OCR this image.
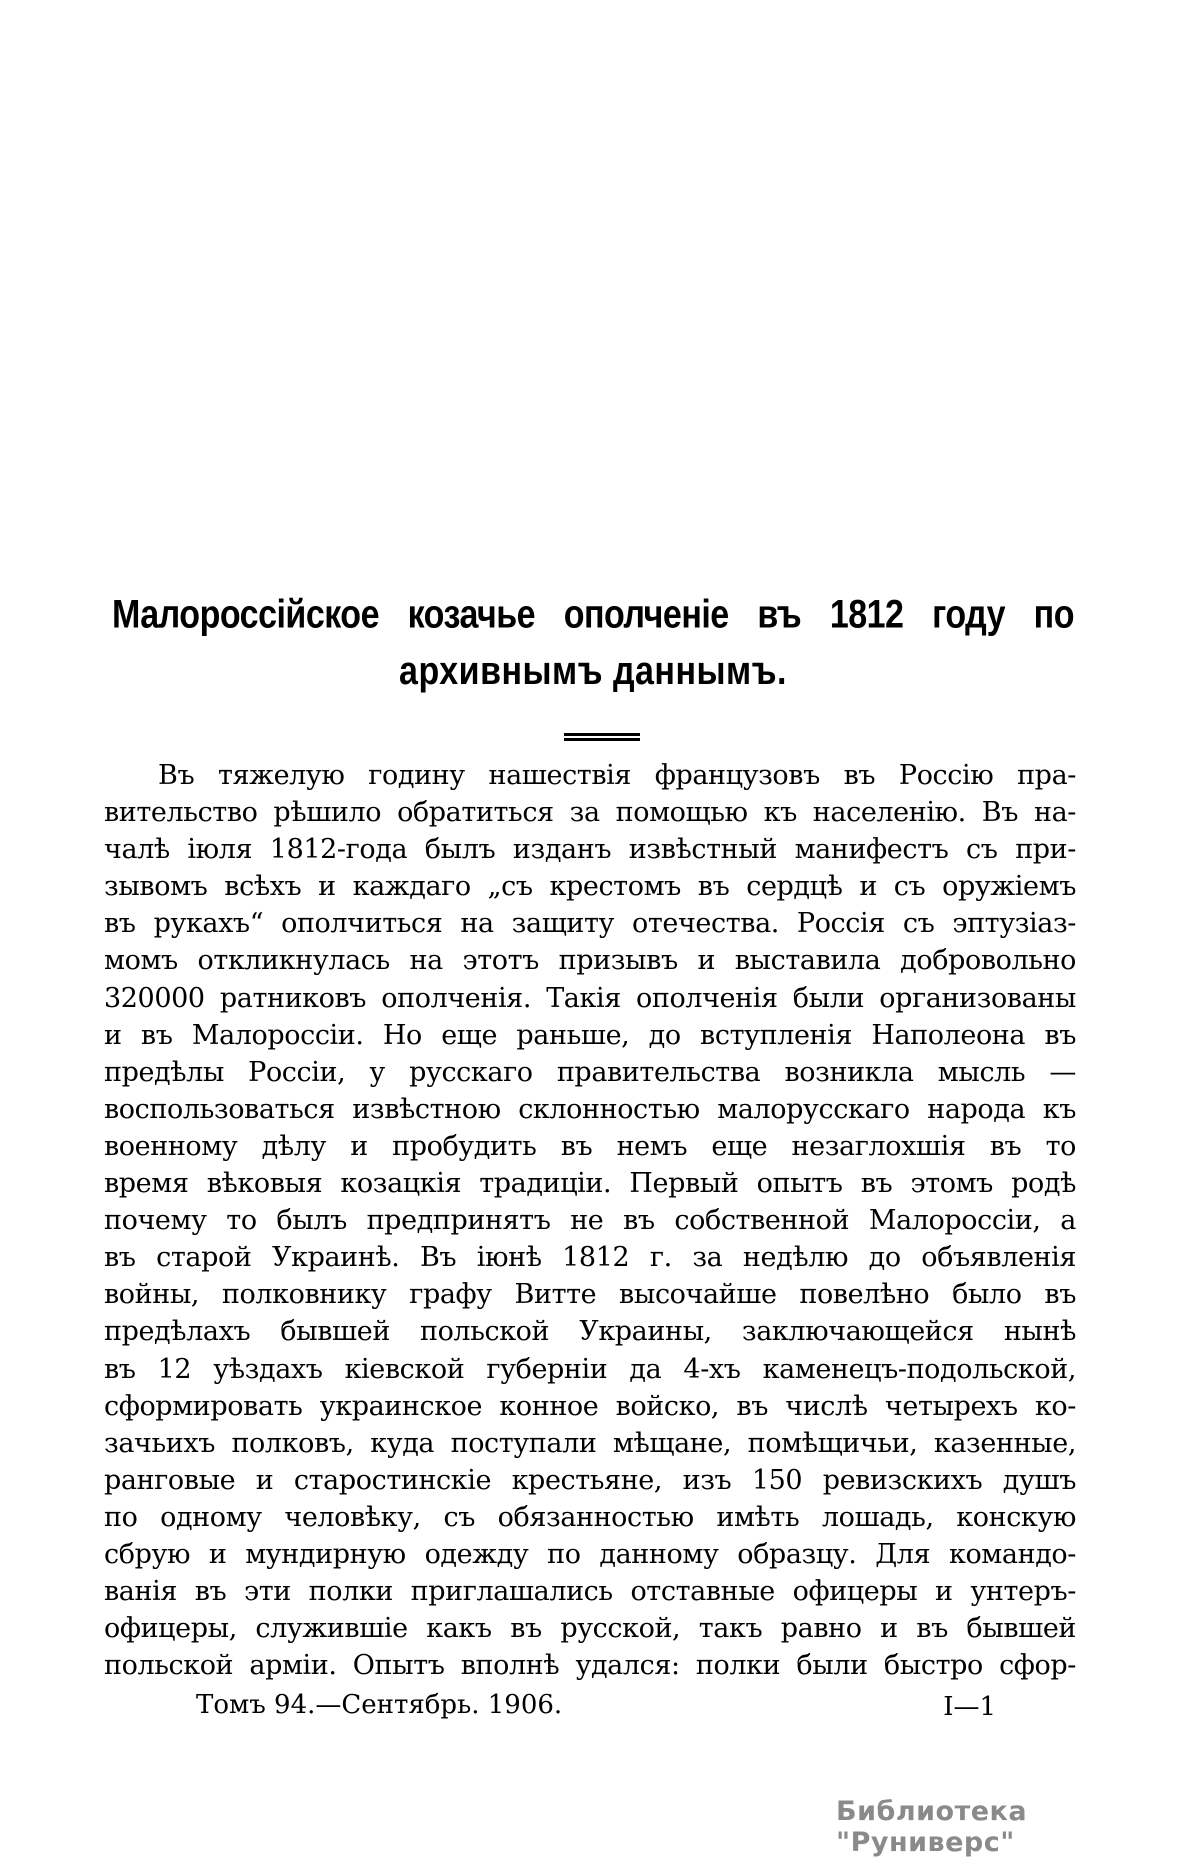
Малороссійское козачье ополченіе въ 1812 году по
архивнымъ даннымъ.
Въ тяжелую годину нашествія французовъ въ Россію пра-
вительство рѣшило обратиться за помощью къ населенію. Въ на-
чалѣ іюля 1812-года былъ изданъ извѣстный манифестъ съ при-
зывомъ всѣхъ и каждаго „съ крестомъ въ сердцѣ и съ оружіемъ
въ рукахъ“ ополчиться на защиту отечества. Россія съ эптузіаз-
момъ откликнулась на этотъ призывъ и выставила добровольно
320000 ратниковъ ополченія. Такія ополченія были организованы
и въ Малороссіи. Но еще раньше, до вступленія Наполеона въ
предѣлы Россіи, у русскаго правительства возникла мысль —
воспользоваться извѣстною склонностью малорусскаго народа къ
военному дѣлу и пробудить въ немъ еще незаглохшія въ то
время вѣковыя козацкія традиціи. Первый опытъ въ этомъ родѣ
почему то былъ предпринятъ не въ собственной Малороссіи, а
въ старой Украинѣ. Въ іюнѣ 1812 г. за недѣлю до объявленія
войны, полковнику графу Витте высочайше повелѣно было въ
предѣлахъ бывшей польской Украины, заключающейся нынѣ
въ 12 уѣздахъ кіевской губерніи да 4-хъ каменецъ-подольской,
сформировать украинское конное войско, въ числѣ четырехъ ко-
зачьихъ полковъ, куда поступали мѣщане, помѣщичьи, казенные,
ранговые и старостинскіе крестьяне, изъ 150 ревизскихъ душъ
по одному человѣку, съ обязанностью имѣть лошадь, конскую
сбрую и мундирную одежду по данному образцу. Для командо-
ванія въ эти полки приглашались отставные офицеры и унтеръ-
офицеры, служившіе какъ въ русской, такъ равно и въ бывшей
польской арміи. Опытъ вполнѣ удался: полки были быстро сфор-
Томъ 94.—Сентябрь. 1906.	I—1
Библиотека "Руниверс"
